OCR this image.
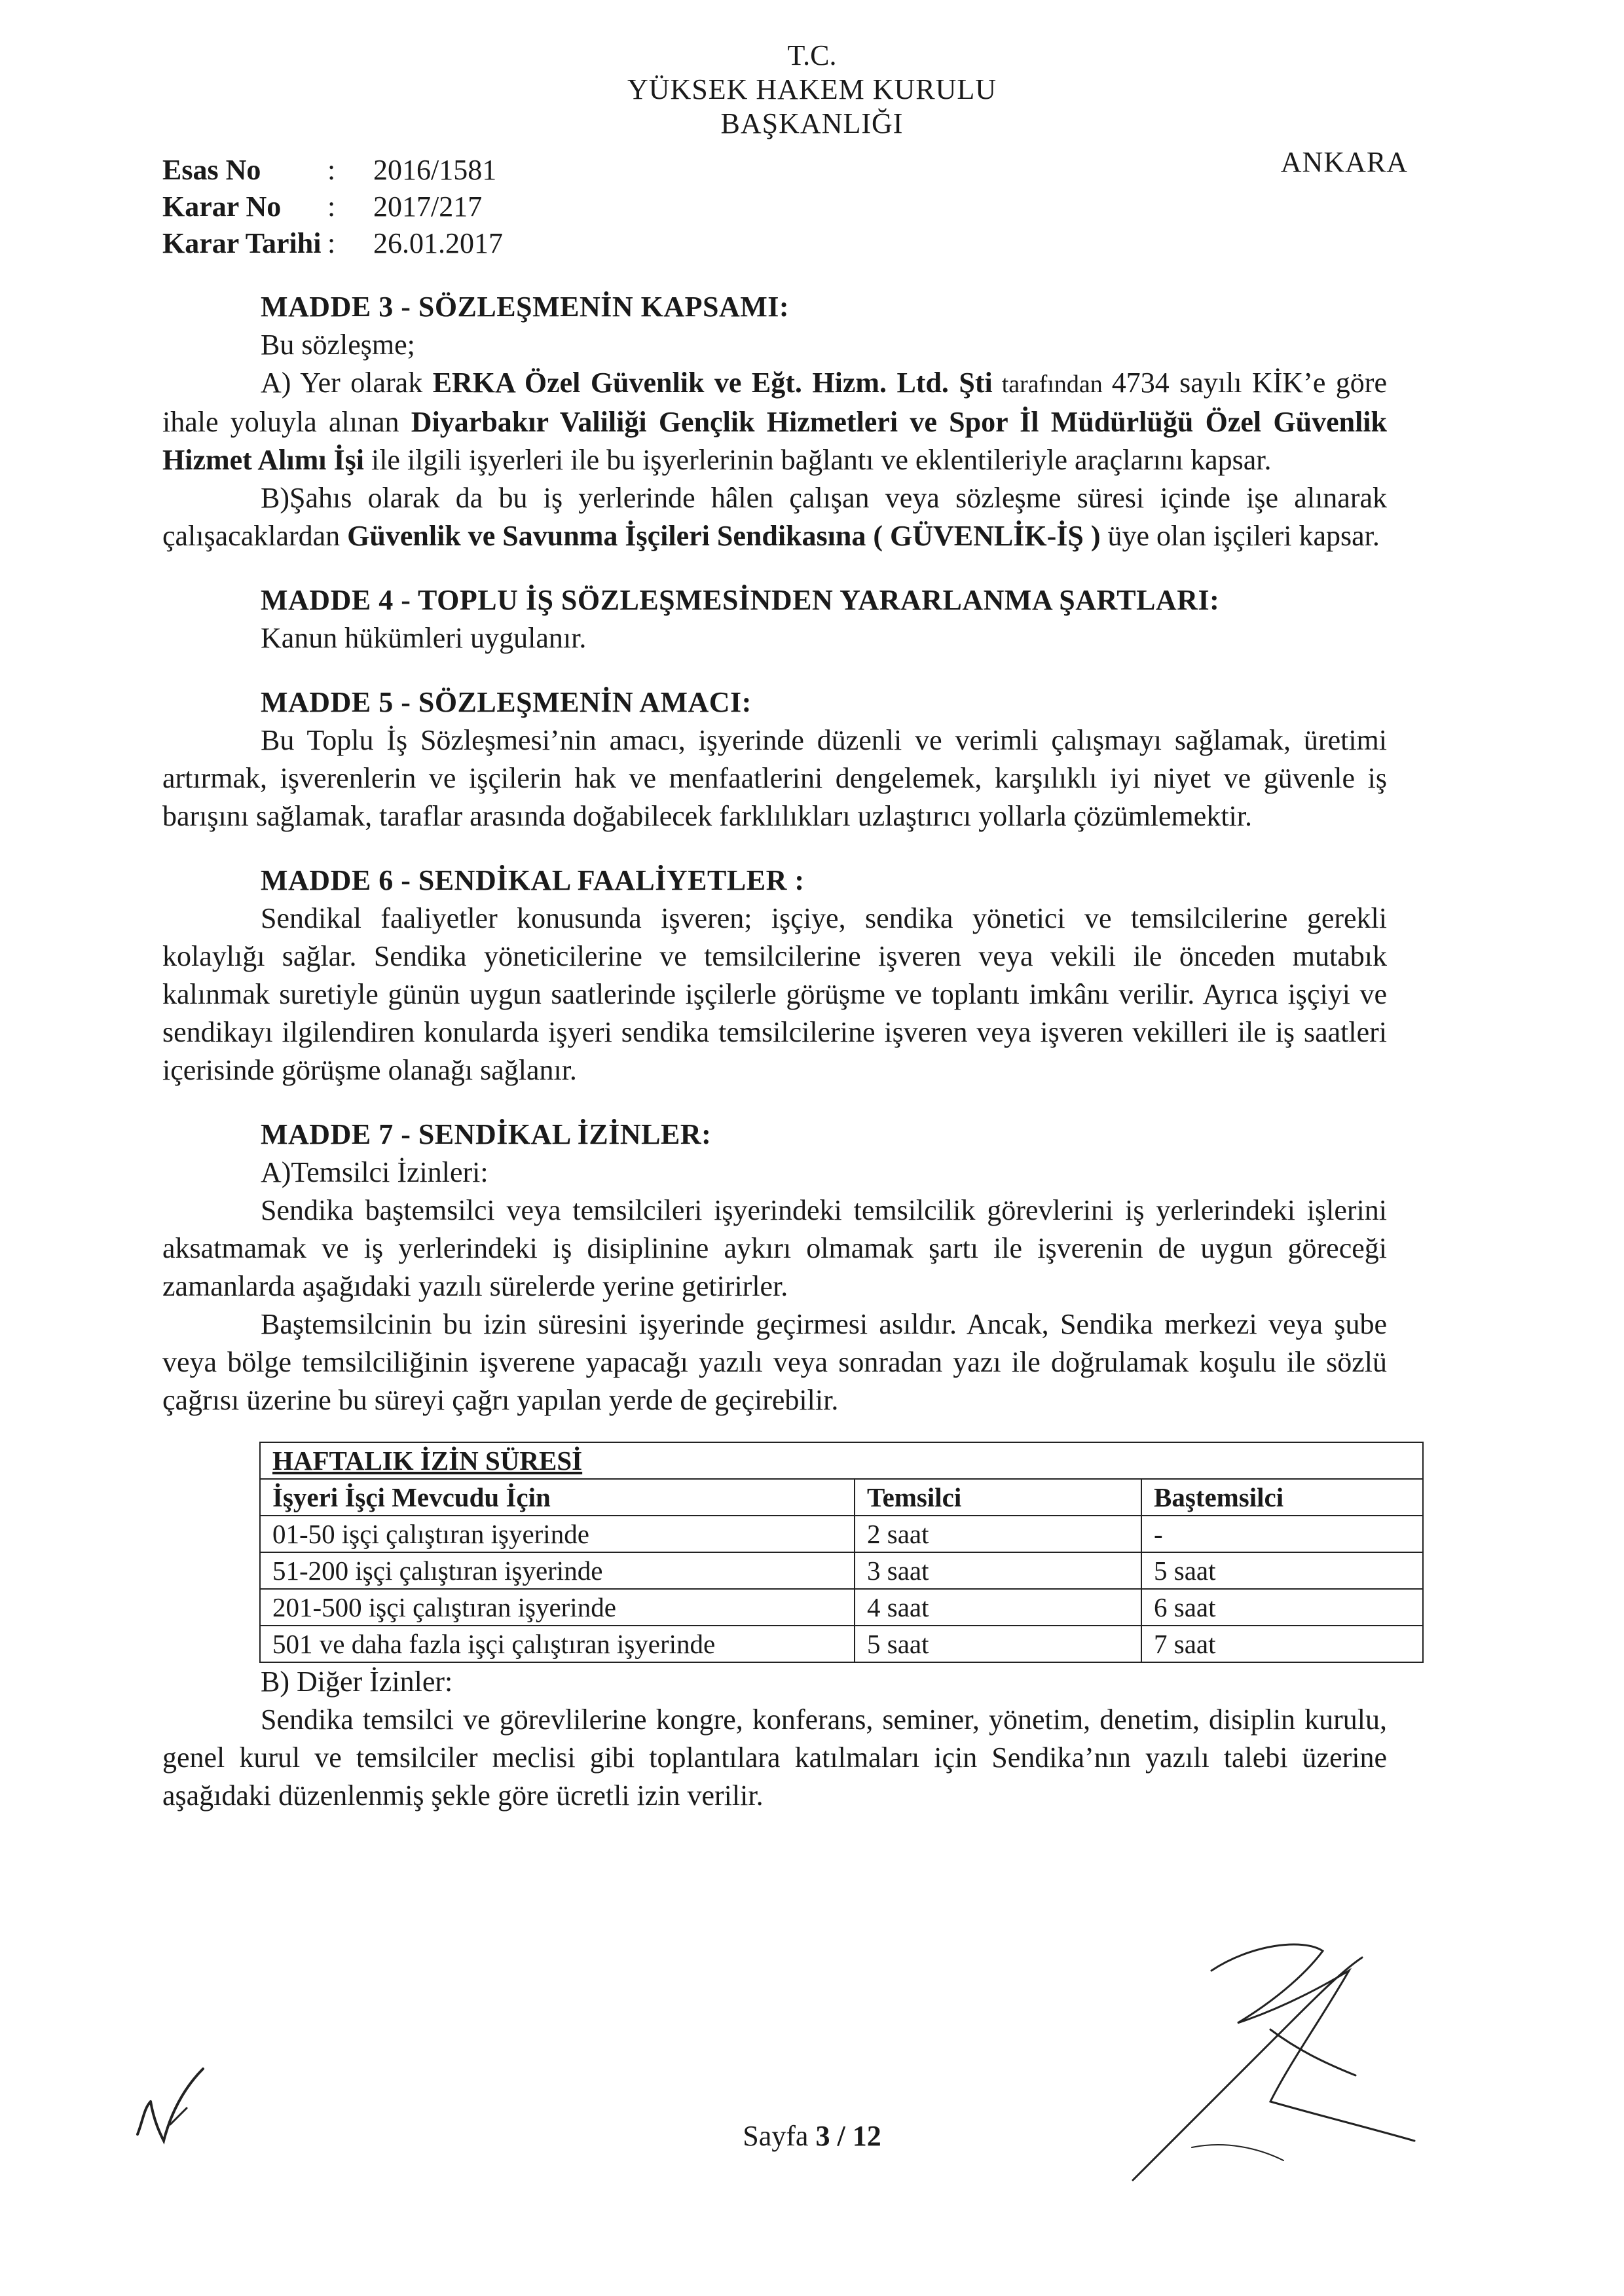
T.C.
YÜKSEK HAKEM KURULU
BAŞKANLIĞI
ANKARA
Esas No	:	2016/1581
Karar No	:	2017/217
Karar Tarihi :	26.01.2017
MADDE 3 - SÖZLEŞMENİN KAPSAMI:

Bu sözleşme;

A) Yer olarak ERKA Özel Güvenlik ve Eğt. Hizm. Ltd. Şti tarafından 4734 sayılı KİK’e göre ihale yoluyla alınan Diyarbakır Valiliği Gençlik Hizmetleri ve Spor İl Müdürlüğü Özel Güvenlik Hizmet Alımı İşi ile ilgili işyerleri ile bu işyerlerinin bağlantı ve eklentileriyle araçlarını kapsar.

B)Şahıs olarak da bu iş yerlerinde hâlen çalışan veya sözleşme süresi içinde işe alınarak çalışacaklardan Güvenlik ve Savunma İşçileri Sendikasına ( GÜVENLİK-İŞ ) üye olan işçileri kapsar.

MADDE 4 - TOPLU İŞ SÖZLEŞMESİNDEN YARARLANMA ŞARTLARI:

Kanun hükümleri uygulanır.

MADDE 5 - SÖZLEŞMENİN AMACI:

Bu Toplu İş Sözleşmesi’nin amacı, işyerinde düzenli ve verimli çalışmayı sağlamak, üretimi artırmak, işverenlerin ve işçilerin hak ve menfaatlerini dengelemek, karşılıklı iyi niyet ve güvenle iş barışını sağlamak, taraflar arasında doğabilecek farklılıkları uzlaştırıcı yollarla çözümlemektir.

MADDE 6 - SENDİKAL FAALİYETLER :

Sendikal faaliyetler konusunda işveren; işçiye, sendika yönetici ve temsilcilerine gerekli kolaylığı sağlar. Sendika yöneticilerine ve temsilcilerine işveren veya vekili ile önceden mutabık kalınmak suretiyle günün uygun saatlerinde işçilerle görüşme ve toplantı imkânı verilir. Ayrıca işçiyi ve sendikayı ilgilendiren konularda işyeri sendika temsilcilerine işveren veya işveren vekilleri ile iş saatleri içerisinde görüşme olanağı sağlanır.

MADDE 7 - SENDİKAL İZİNLER:

A)Temsilci İzinleri:

Sendika baştemsilci veya temsilcileri işyerindeki temsilcilik görevlerini iş yerlerindeki işlerini aksatmamak ve iş yerlerindeki iş disiplinine aykırı olmamak şartı ile işverenin de uygun göreceği zamanlarda aşağıdaki yazılı sürelerde yerine getirirler.

Baştemsilcinin bu izin süresini işyerinde geçirmesi asıldır. Ancak, Sendika merkezi veya şube veya bölge temsilciliğinin işverene yapacağı yazılı veya sonradan yazı ile doğrulamak koşulu ile sözlü çağrısı üzerine bu süreyi çağrı yapılan yerde de geçirebilir.

HAFTALIK İZİN SÜRESİ		
İşyeri İşçi Mevcudu İçin	Temsilci	Baştemsilci
01-50 işçi çalıştıran işyerinde	2 saat	-
51-200 işçi çalıştıran işyerinde	3 saat	5 saat
201-500 işçi çalıştıran işyerinde	4 saat	6 saat
501 ve daha fazla işçi çalıştıran işyerinde	5 saat	7 saat

B) Diğer İzinler:

Sendika temsilci ve görevlilerine kongre, konferans, seminer, yönetim, denetim, disiplin kurulu, genel kurul ve temsilciler meclisi gibi toplantılara katılmaları için Sendika’nın yazılı talebi üzerine aşağıdaki düzenlenmiş şekle göre ücretli izin verilir.

Sayfa 3 / 12
